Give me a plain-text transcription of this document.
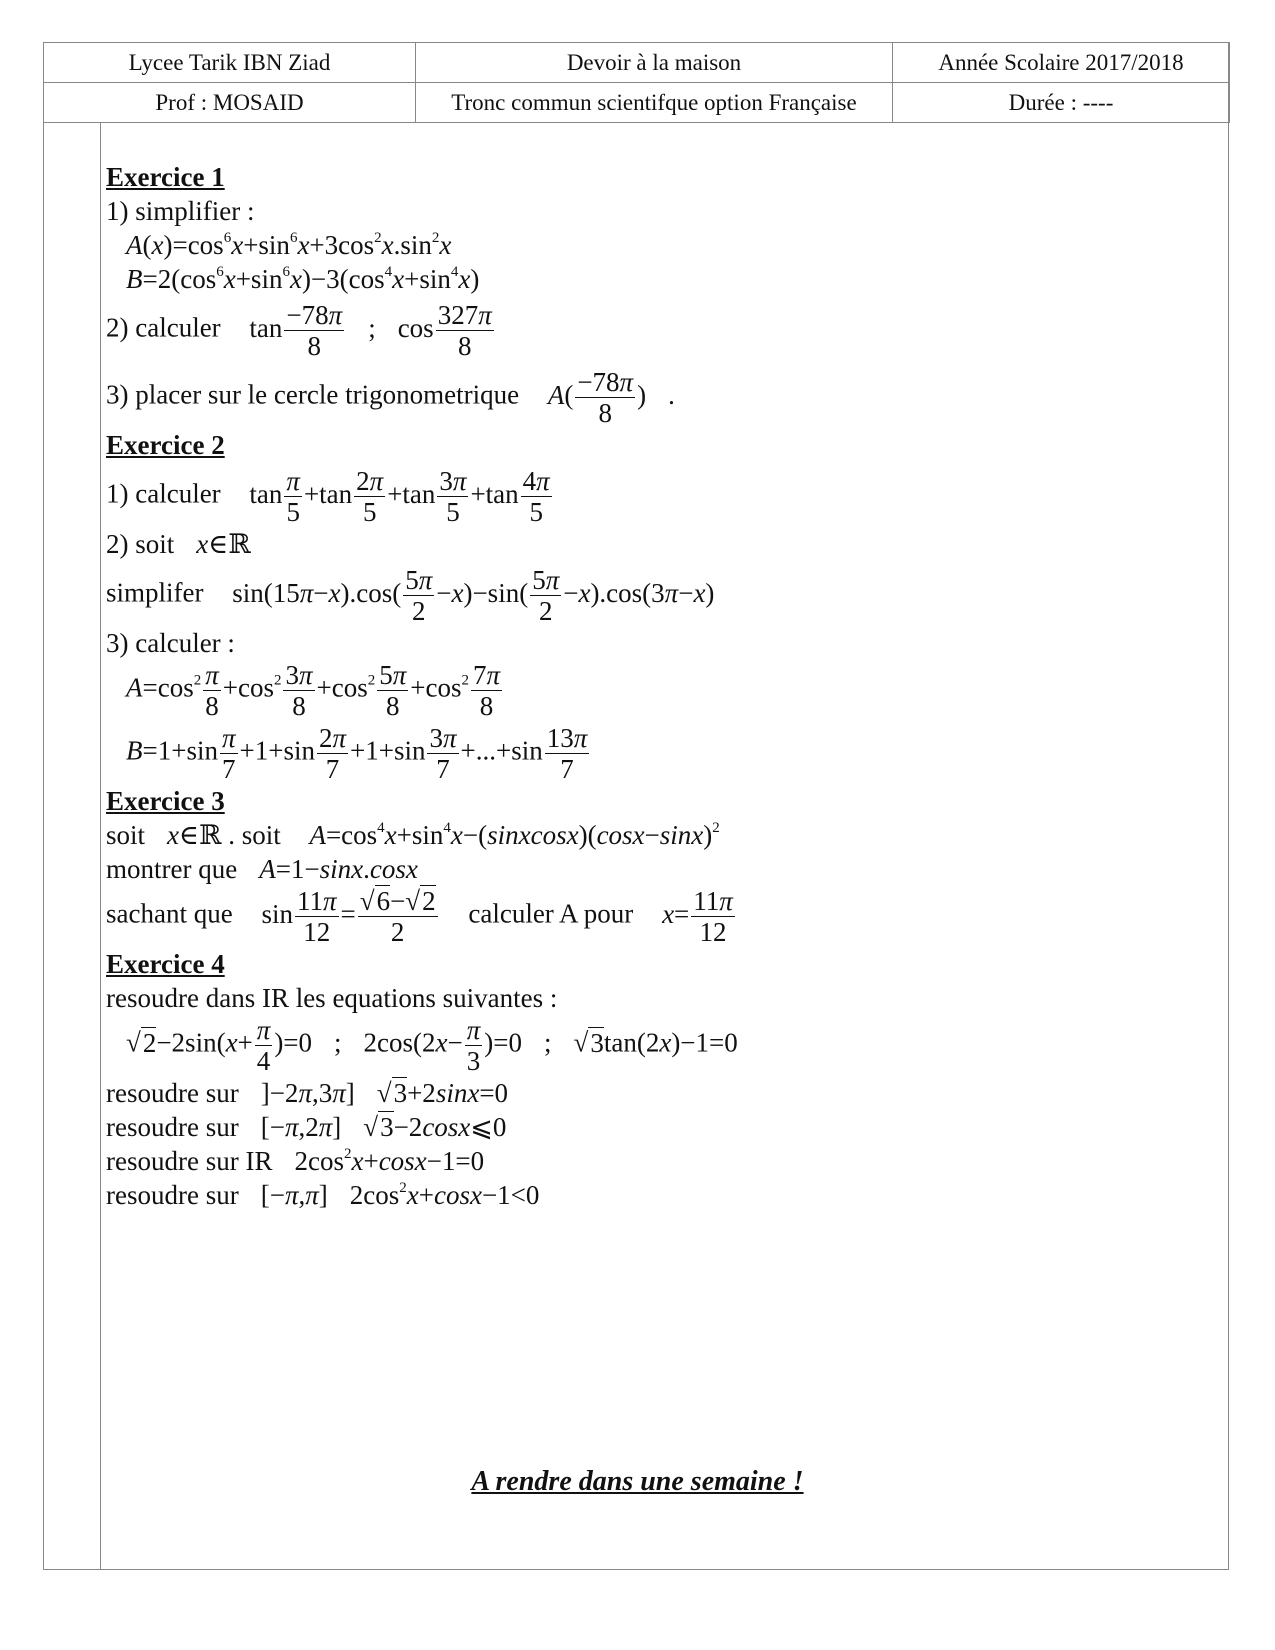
Lycee Tarik IBN Ziad	Devoir à la maison	Année Scolaire 2017/2018
Prof : MOSAID	Tronc commun scientifque option Française	Durée : ----
Exercice 1
1) simplifier :
$A(x)=\cos^6x+\sin^6x+3\cos^2x.\sin^2x$
$B=2(\cos^6x+\sin^6x)-3(\cos^4x+\sin^4x)$
2) calculer $\tan \frac{-78\pi}{8}$ ; $\cos \frac{327\pi}{8}$
3) placer sur le cercle trigonometrique $A( \frac{-78\pi}{8}$ ) .
Exercice 2
1) calculer $\tan \frac{\pi}{5} +\tan \frac{2\pi}{5} +\tan \frac{3\pi}{5} +\tan \frac{4\pi}{5}$
2) soit x∈ℝ
simplifer $\sin(15\pi-x).\cos( \frac{5\pi}{2} -x)-\sin( \frac{5\pi}{2} -x).\cos(3\pi-x)$
3) calculer :
$A=\cos^2 \frac{\pi}{8} +\cos^2 \frac{3\pi}{8} +\cos^2 \frac{5\pi}{8} +\cos^2 \frac{7\pi}{8}$
$B=1+\sin \frac{\pi}{7} +1+\sin \frac{2\pi}{7} +1+\sin \frac{3\pi}{7} +...+\sin \frac{13\pi}{7}$
Exercice 3
soit x∈ℝ . soit $A=\cos^4x+\sin^4x-(sinxcosx)(\cos x-\sin x)^2$
montrer que A=1−sinx.cosx
sachant que $\sin \frac{11\pi}{12} = \frac{√6-√2}{2}$ calculer A pour $x= \frac{11\pi}{12}$
Exercice 4
resoudre dans IR les equations suivantes :
$√2-2\sin(x+ \frac{\pi}{4} )=0$ ; $2\cos(2x- \frac{\pi}{3} )=0$ ; √3tan(2x)−1=0
resoudre sur ]−2π,3π] √3+2sinx=0
resoudre sur [−π,2π] √3−2cosx⩽0
resoudre sur IR $2\cos^2x+\cos x-1=0$
resoudre sur [−π,π] $2\cos^2x+\cos x-1<0$
A rendre dans une semaine !
